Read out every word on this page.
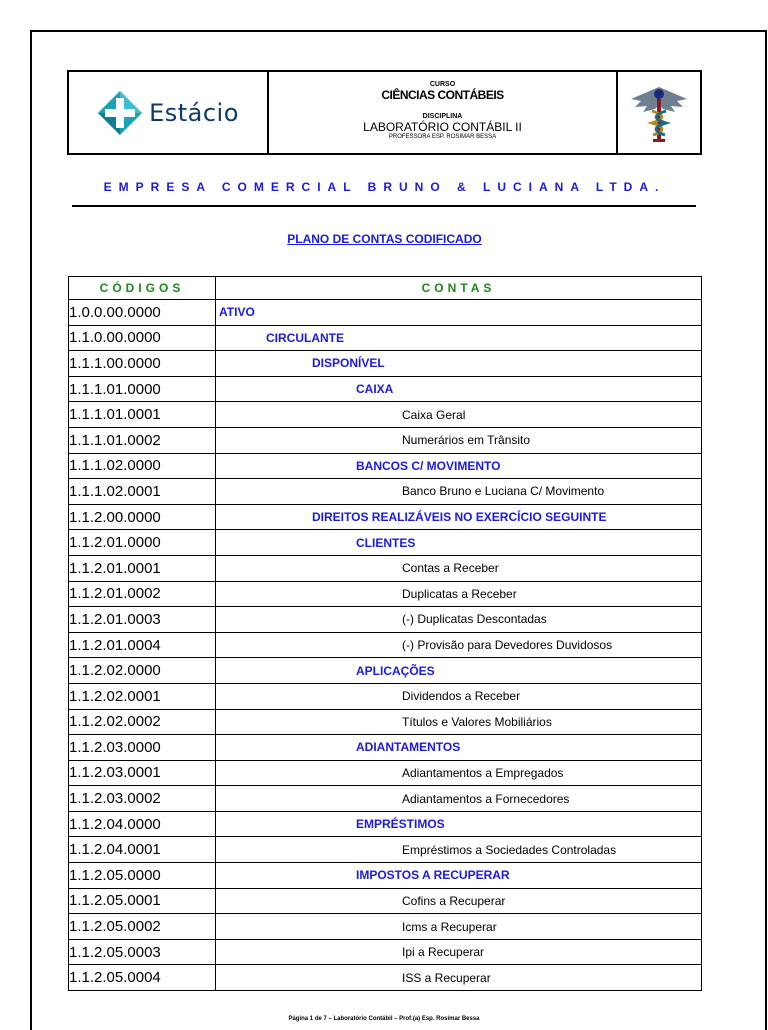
Estácio
CURSO
CIÊNCIAS CONTÁBEIS
DISCIPLINA
LABORATÓRIO CONTÁBIL II
PROFESSORA ESP. ROSIMAR BESSA
EMPRESA COMERCIAL BRUNO & LUCIANA LTDA.
PLANO DE CONTAS CODIFICADO
CÓDIGOS	CONTAS
1.0.0.00.0000	ATIVO
1.1.0.00.0000	CIRCULANTE
1.1.1.00.0000	DISPONÍVEL
1.1.1.01.0000	CAIXA
1.1.1.01.0001	Caixa Geral
1.1.1.01.0002	Numerários em Trânsito
1.1.1.02.0000	BANCOS C/ MOVIMENTO
1.1.1.02.0001	Banco Bruno e Luciana C/ Movimento
1.1.2.00.0000	DIREITOS REALIZÁVEIS NO EXERCÍCIO SEGUINTE
1.1.2.01.0000	CLIENTES
1.1.2.01.0001	Contas a Receber
1.1.2.01.0002	Duplicatas a Receber
1.1.2.01.0003	(-) Duplicatas Descontadas
1.1.2.01.0004	(-) Provisão para Devedores Duvidosos
1.1.2.02.0000	APLICAÇÕES
1.1.2.02.0001	Dividendos a Receber
1.1.2.02.0002	Títulos e Valores Mobiliários
1.1.2.03.0000	ADIANTAMENTOS
1.1.2.03.0001	Adiantamentos a Empregados
1.1.2.03.0002	Adiantamentos a Fornecedores
1.1.2.04.0000	EMPRÉSTIMOS
1.1.2.04.0001	Empréstimos a Sociedades Controladas
1.1.2.05.0000	IMPOSTOS A RECUPERAR
1.1.2.05.0001	Cofins a Recuperar
1.1.2.05.0002	Icms a Recuperar
1.1.2.05.0003	Ipi a Recuperar
1.1.2.05.0004	ISS a Recuperar
Página 1 de 7 – Laboratório Contábil – Prof.(a) Esp. Rosimar Bessa
